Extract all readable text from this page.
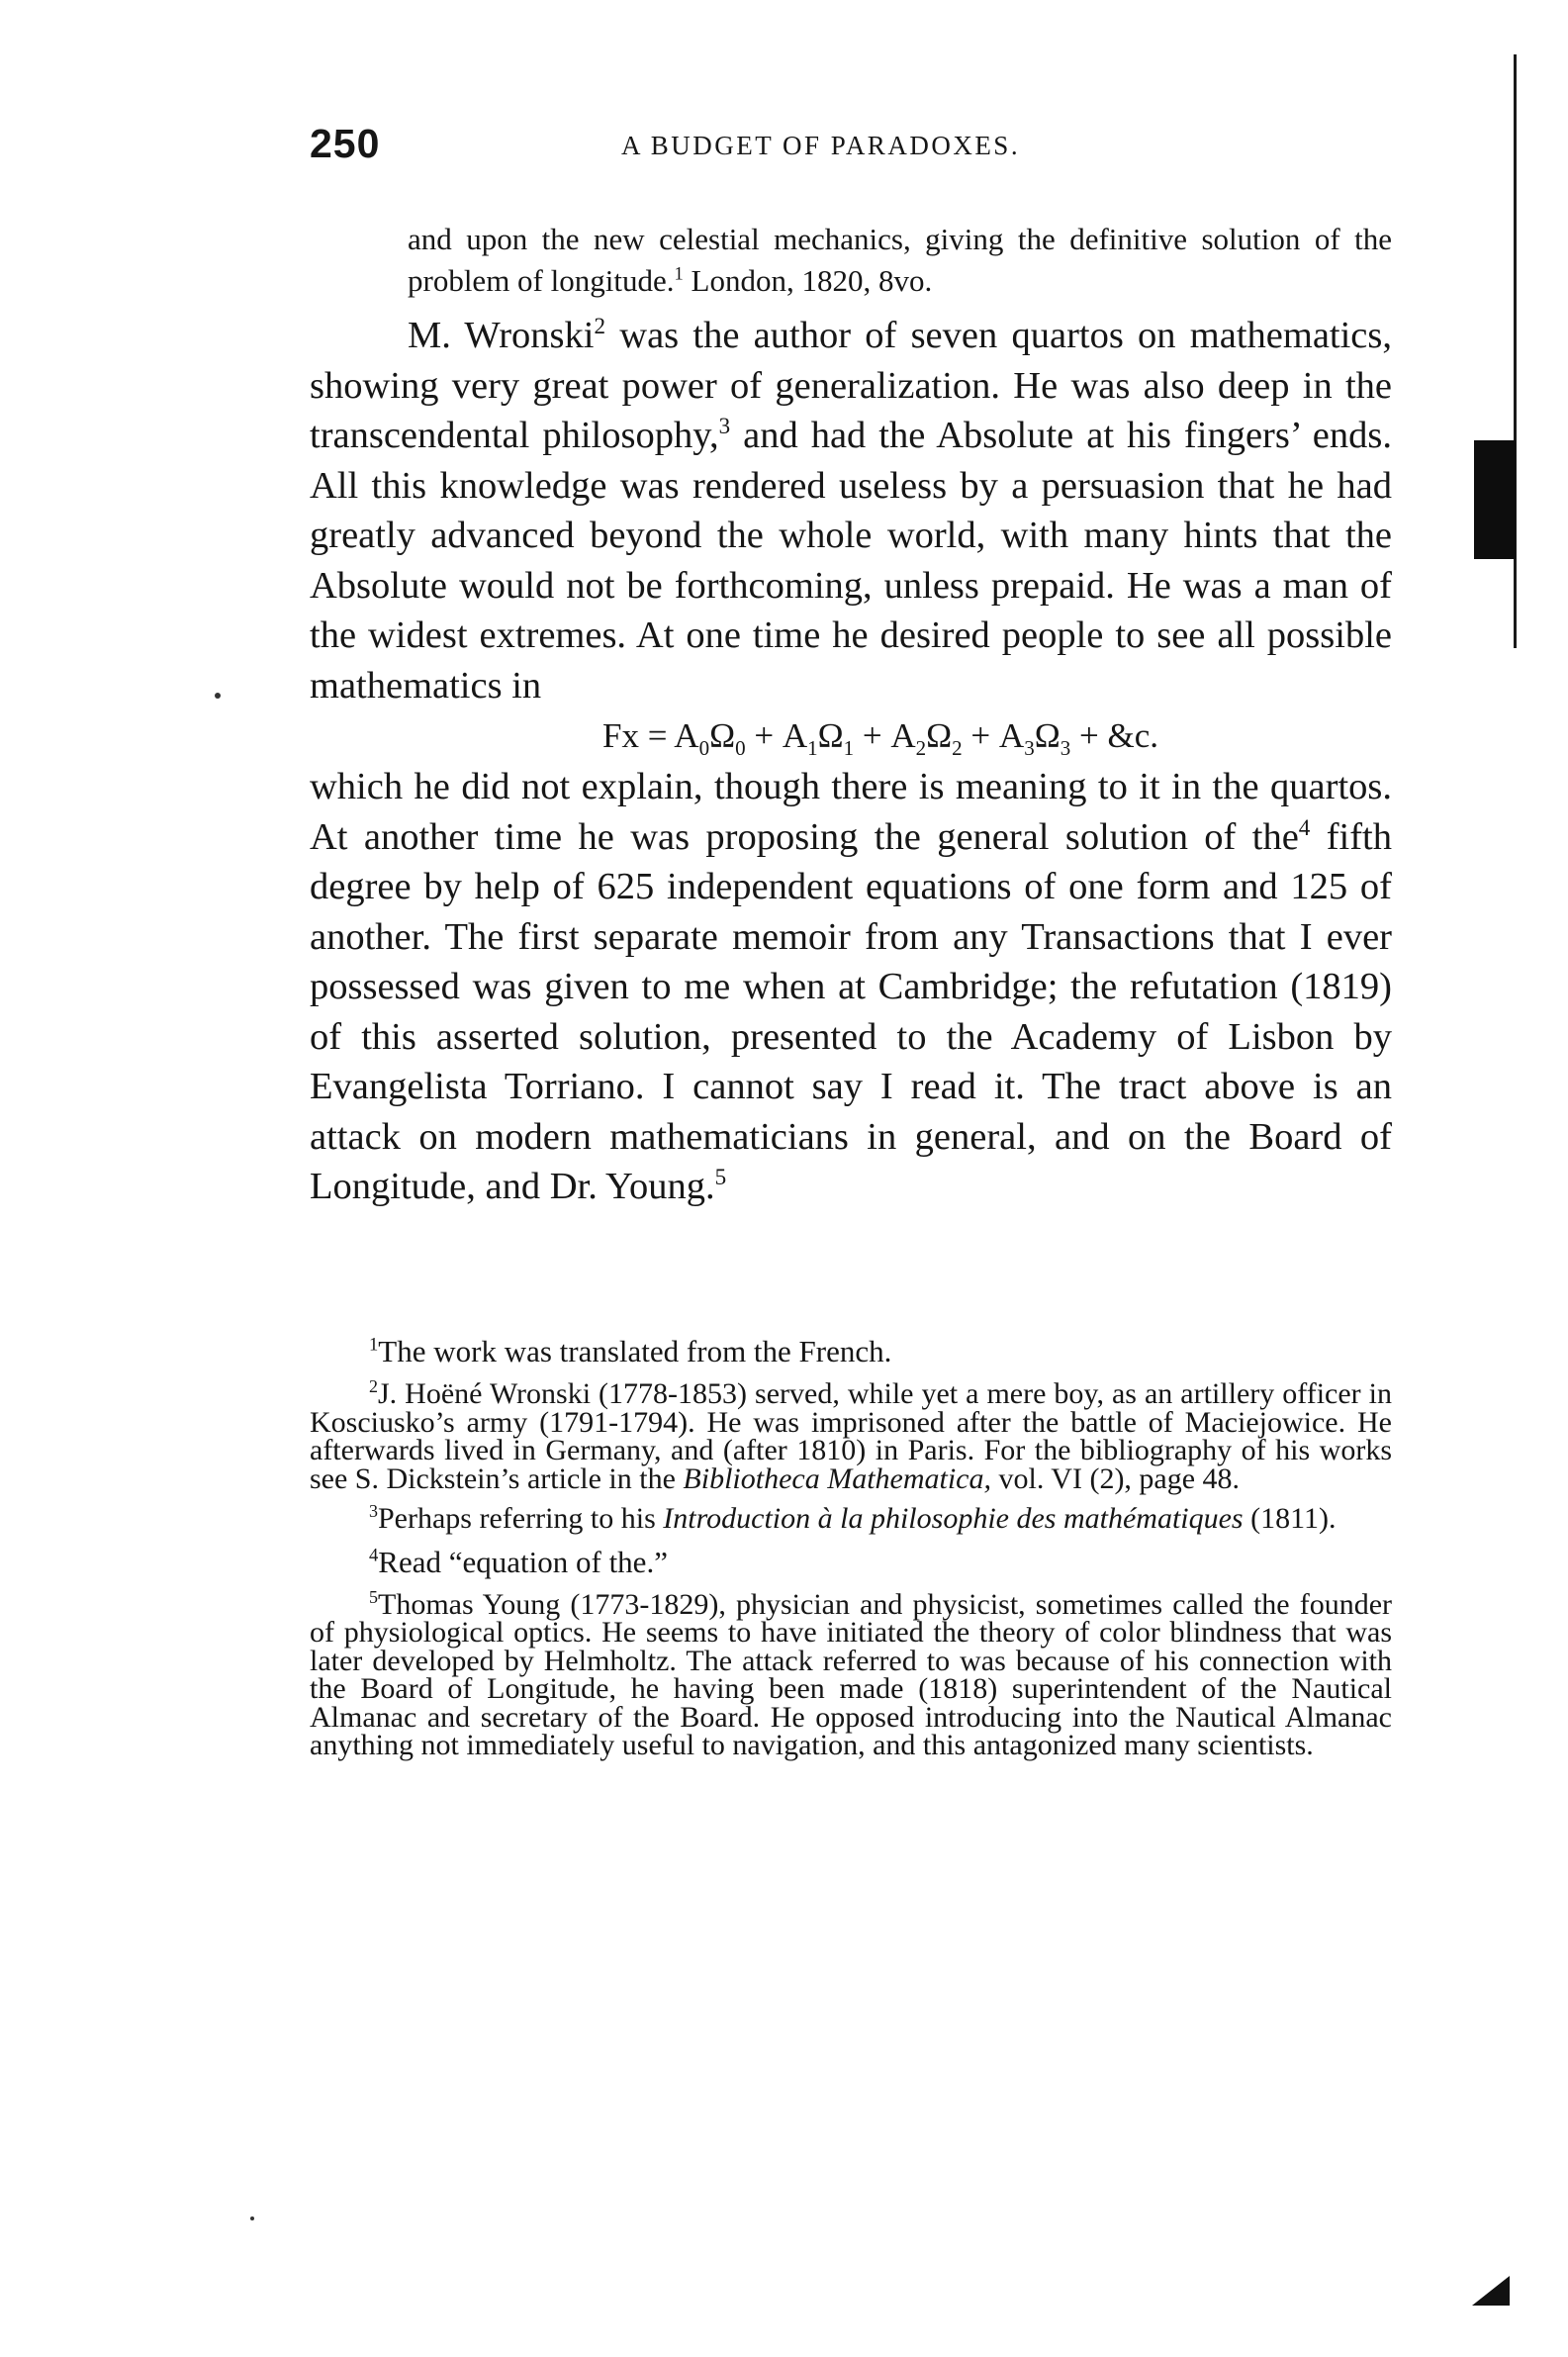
250	A BUDGET OF PARADOXES.
and upon the new celestial mechanics, giving the definitive solution of the problem of longitude.$^1$ London, 1820, 8vo.

M. Wronski$^2$ was the author of seven quartos on mathematics, showing very great power of generalization. He was also deep in the transcendental philosophy,$^3$ and had the Absolute at his fingers’ ends. All this knowledge was rendered useless by a persuasion that he had greatly advanced beyond the whole world, with many hints that the Absolute would not be forthcoming, unless prepaid. He was a man of the widest extremes. At one time he desired people to see all possible mathematics in

$Fx = A_0\Omega_0 + A_1\Omega_1 + A_2\Omega_2 + A_3\Omega_3$ + &c.

which he did not explain, though there is meaning to it in the quartos. At another time he was proposing the general solution of the$^4$ fifth degree by help of 625 independent equations of one form and 125 of another. The first separate memoir from any Transactions that I ever possessed was given to me when at Cambridge; the refutation (1819) of this asserted solution, presented to the Academy of Lisbon by Evangelista Torriano. I cannot say I read it. The tract above is an attack on modern mathematicians in general, and on the Board of Longitude, and Dr. Young.$^5$

$^1$The work was translated from the French.

$^2$J. Hoëné Wronski (1778-1853) served, while yet a mere boy, as an artillery officer in Kosciusko’s army (1791-1794). He was imprisoned after the battle of Maciejowice. He afterwards lived in Germany, and (after 1810) in Paris. For the bibliography of his works see S. Dickstein’s article in the Bibliotheca Mathematica, vol. VI (2), page 48.

$^3$Perhaps referring to his Introduction à la philosophie des mathématiques (1811).

$^4$Read “equation of the.”

$^5$Thomas Young (1773-1829), physician and physicist, sometimes called the founder of physiological optics. He seems to have initiated the theory of color blindness that was later developed by Helmholtz. The attack referred to was because of his connection with the Board of Longitude, he having been made (1818) superintendent of the Nautical Almanac and secretary of the Board. He opposed introducing into the Nautical Almanac anything not immediately useful to navigation, and this antagonized many scientists.
